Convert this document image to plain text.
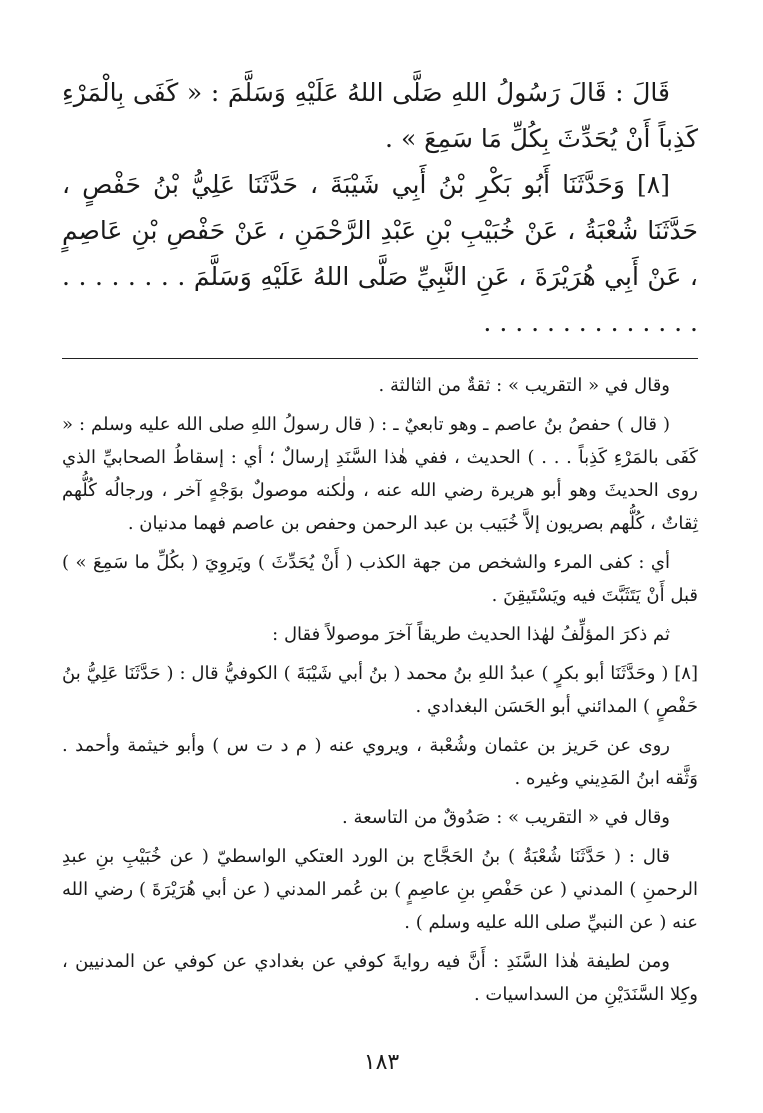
قَالَ : قَالَ رَسُولُ اللهِ صَلَّى اللهُ عَلَيْهِ وَسَلَّمَ : « كَفَى بِالْمَرْءِ كَذِباً أَنْ يُحَدِّثَ بِكُلِّ مَا سَمِعَ » .

[٨] وَحَدَّثَنَا أَبُو بَكْرِ بْنُ أَبِي شَيْبَةَ ، حَدَّثَنَا عَلِيُّ بْنُ حَفْصٍ ، حَدَّثَنَا شُعْبَةُ ، عَنْ خُبَيْبِ بْنِ عَبْدِ الرَّحْمَنِ ، عَنْ حَفْصِ بْنِ عَاصِمٍ ، عَنْ أَبِي هُرَيْرَةَ ، عَنِ النَّبِيِّ صَلَّى اللهُ عَلَيْهِ وَسَلَّمَ . . . . . . . . . . . . . . . . . . . . . .

وقال في « التقريب » : ثقةٌ من الثالثة .

( قال ) حفصُ بنُ عاصم ـ وهو تابعيٌ ـ : ( قال رسولُ اللهِ صلى الله عليه وسلم : « كَفَى بالمَرْءِ كَذِباً . . . ) الحديث ، ففي هٰذا السَّنَدِ إرسالٌ ؛ أي : إسقاطُ الصحابيِّ الذي روى الحديثَ وهو أبو هريرة رضي الله عنه ، ولٰكنه موصولٌ بوَجْهٍ آخر ، ورجالُه كُلُّهم ثِقاتٌ ، كُلُّهم بصريون إلاَّ خُبَيب بن عبد الرحمن وحفص بن عاصم فهما مدنيان .

أي : كفى المرء والشخص من جهة الكذب ( أَنْ يُحَدِّثَ ) ويَروِيَ ( بكُلِّ ما سَمِعَ » ) قبل أَنْ يَتَثَبَّتَ فيه ويَسْتَيقِنَ .

ثم ذكرَ المؤلِّفُ لهٰذا الحديث طريقاً آخرَ موصولاً فقال :

[٨] ( وحَدَّثَنَا أبو بكرٍ ) عبدُ اللهِ بنُ محمد ( بنُ أبي شَيْبَةَ ) الكوفيُّ قال : ( حَدَّثَنَا عَلِيُّ بنُ حَفْصٍ ) المدائني أبو الحَسَن البغدادي .

روى عن حَريز بن عثمان وشُعْبة ، ويروي عنه ( م د ت س ) وأبو خيثمة وأحمد . وَثَّقه ابنُ المَدِيني وغيره .

وقال في « التقريب » : صَدُوقٌ من التاسعة .

قال : ( حَدَّثَنَا شُعْبَةُ ) بنُ الحَجَّاج بن الورد العتكي الواسطيّ ( عن خُبَيْبِ بنِ عبدِ الرحمنِ ) المدني ( عن حَفْصِ بنِ عاصِمٍ ) بن عُمر المدني ( عن أبي هُرَيْرَةَ ) رضي الله عنه ( عن النبيِّ صلى الله عليه وسلم ) .

ومن لطيفة هٰذا السَّنَدِ : أَنَّ فيه روايةَ كوفي عن بغدادي عن كوفي عن المدنيين ، وكِلا السَّنَدَيْنِ من السداسيات .

١٨٣
